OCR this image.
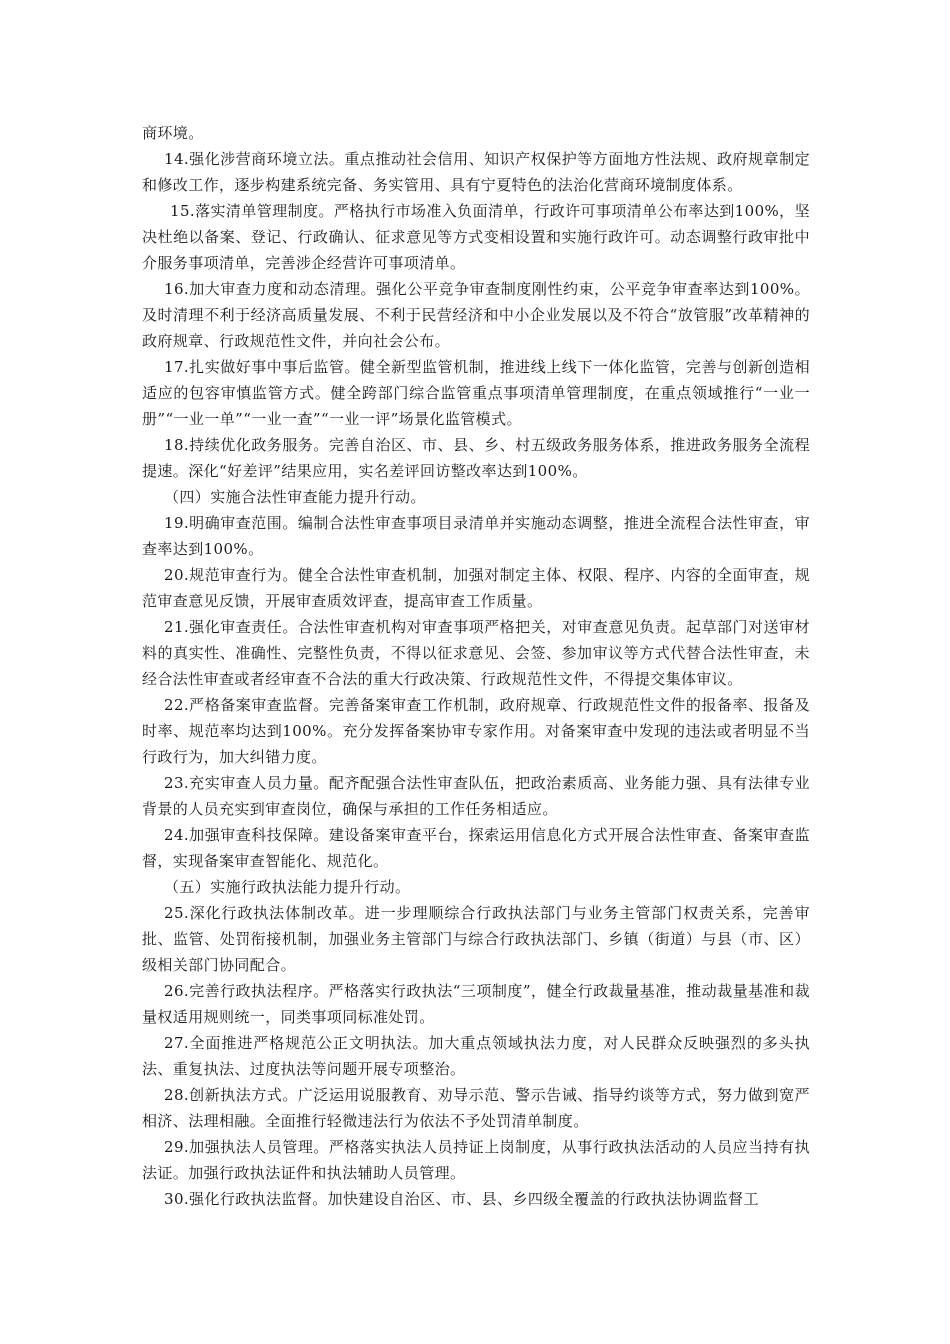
商环境。

14.强化涉营商环境立法。重点推动社会信用、知识产权保护等方面地方性法规、政府规章制定和修改工作，逐步构建系统完备、务实管用、具有宁夏特色的法治化营商环境制度体系。

15.落实清单管理制度。严格执行市场准入负面清单，行政许可事项清单公布率达到100%，坚决杜绝以备案、登记、行政确认、征求意见等方式变相设置和实施行政许可。动态调整行政审批中介服务事项清单，完善涉企经营许可事项清单。

16.加大审查力度和动态清理。强化公平竞争审查制度刚性约束，公平竞争审查率达到100%。及时清理不利于经济高质量发展、不利于民营经济和中小企业发展以及不符合“放管服”改革精神的政府规章、行政规范性文件，并向社会公布。

17.扎实做好事中事后监管。健全新型监管机制，推进线上线下一体化监管，完善与创新创造相适应的包容审慎监管方式。健全跨部门综合监管重点事项清单管理制度，在重点领域推行“一业一册”“一业一单”“一业一查”“一业一评”场景化监管模式。

18.持续优化政务服务。完善自治区、市、县、乡、村五级政务服务体系，推进政务服务全流程提速。深化“好差评”结果应用，实名差评回访整改率达到100%。

（四）实施合法性审查能力提升行动。

19.明确审查范围。编制合法性审查事项目录清单并实施动态调整，推进全流程合法性审查，审查率达到100%。

20.规范审查行为。健全合法性审查机制，加强对制定主体、权限、程序、内容的全面审查，规范审查意见反馈，开展审查质效评查，提高审查工作质量。

21.强化审查责任。合法性审查机构对审查事项严格把关，对审查意见负责。起草部门对送审材料的真实性、准确性、完整性负责，不得以征求意见、会签、参加审议等方式代替合法性审查，未经合法性审查或者经审查不合法的重大行政决策、行政规范性文件，不得提交集体审议。

22.严格备案审查监督。完善备案审查工作机制，政府规章、行政规范性文件的报备率、报备及时率、规范率均达到100%。充分发挥备案协审专家作用。对备案审查中发现的违法或者明显不当行政行为，加大纠错力度。

23.充实审查人员力量。配齐配强合法性审查队伍，把政治素质高、业务能力强、具有法律专业背景的人员充实到审查岗位，确保与承担的工作任务相适应。

24.加强审查科技保障。建设备案审查平台，探索运用信息化方式开展合法性审查、备案审查监督，实现备案审查智能化、规范化。

（五）实施行政执法能力提升行动。

25.深化行政执法体制改革。进一步理顺综合行政执法部门与业务主管部门权责关系，完善审批、监管、处罚衔接机制，加强业务主管部门与综合行政执法部门、乡镇（街道）与县（市、区）级相关部门协同配合。

26.完善行政执法程序。严格落实行政执法“三项制度”，健全行政裁量基准，推动裁量基准和裁量权适用规则统一，同类事项同标准处罚。

27.全面推进严格规范公正文明执法。加大重点领域执法力度，对人民群众反映强烈的多头执法、重复执法、过度执法等问题开展专项整治。

28.创新执法方式。广泛运用说服教育、劝导示范、警示告诫、指导约谈等方式，努力做到宽严相济、法理相融。全面推行轻微违法行为依法不予处罚清单制度。

29.加强执法人员管理。严格落实执法人员持证上岗制度，从事行政执法活动的人员应当持有执法证。加强行政执法证件和执法辅助人员管理。

30.强化行政执法监督。加快建设自治区、市、县、乡四级全覆盖的行政执法协调监督工
